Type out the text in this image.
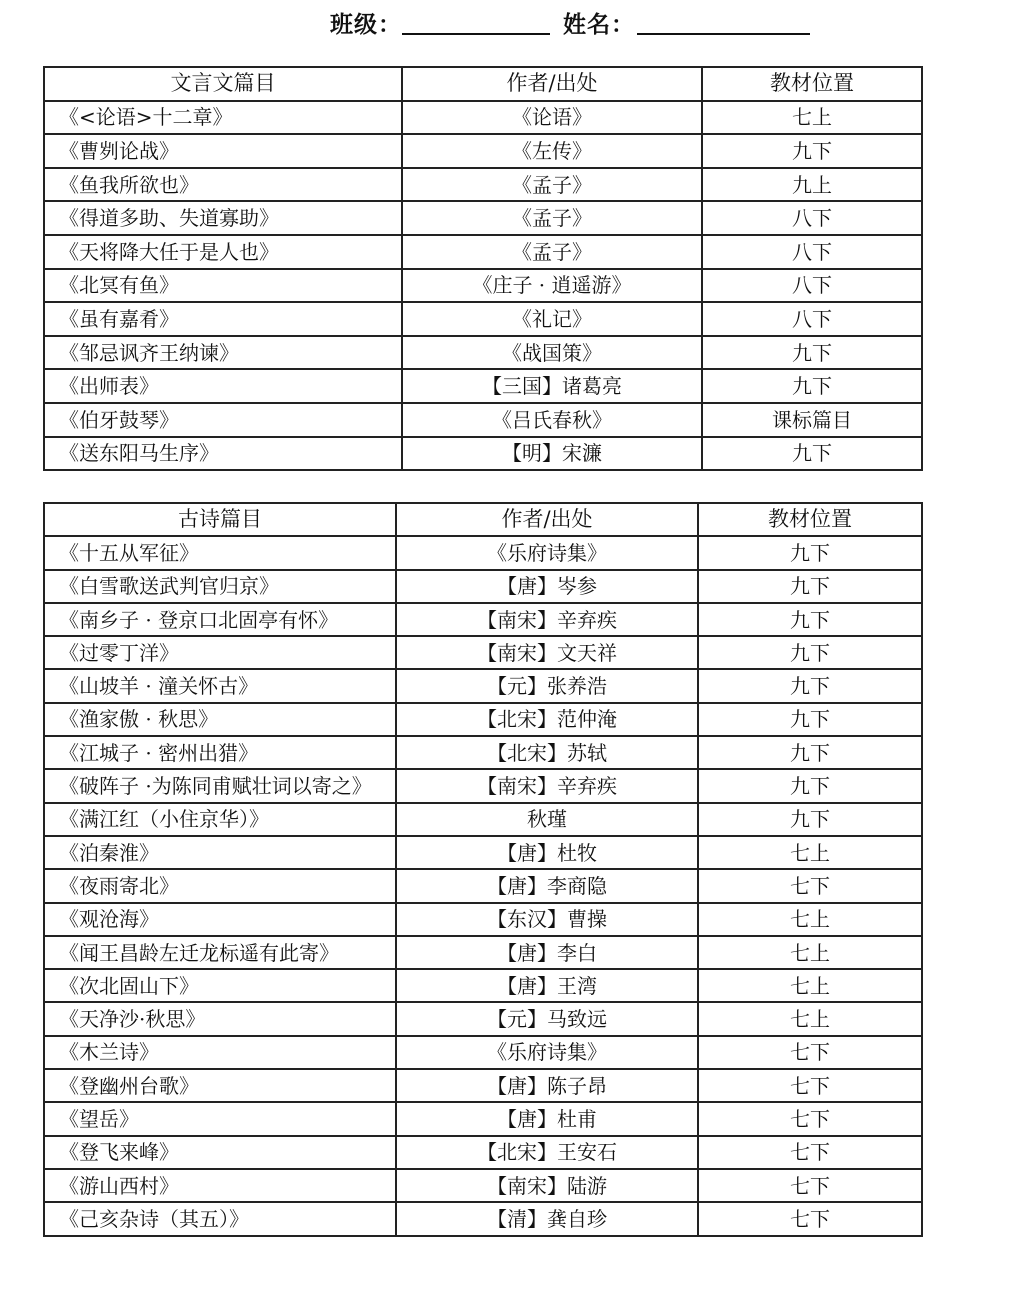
班级：	姓名：
文言文篇目	作者/出处	教材位置
《<论语>十二章》	《论语》	七上
《曹刿论战》	《左传》	九下
《鱼我所欲也》	《孟子》	九上
《得道多助、失道寡助》	《孟子》	八下
《天将降大任于是人也》	《孟子》	八下
《北冥有鱼》	《庄子 · 逍遥游》	八下
《虽有嘉肴》	《礼记》	八下
《邹忌讽齐王纳谏》	《战国策》	九下
《出师表》	【三国】诸葛亮	九下
《伯牙鼓琴》	《吕氏春秋》	课标篇目
《送东阳马生序》	【明】宋濂	九下
古诗篇目	作者/出处	教材位置
《十五从军征》	《乐府诗集》	九下
《白雪歌送武判官归京》	【唐】岑参	九下
《南乡子 · 登京口北固亭有怀》	【南宋】辛弃疾	九下
《过零丁洋》	【南宋】文天祥	九下
《山坡羊 · 潼关怀古》	【元】张养浩	九下
《渔家傲 · 秋思》	【北宋】范仲淹	九下
《江城子 · 密州出猎》	【北宋】苏轼	九下
《破阵子 ·为陈同甫赋壮词以寄之》	【南宋】辛弃疾	九下
《满江红（小住京华）》	秋瑾	九下
《泊秦淮》	【唐】杜牧	七上
《夜雨寄北》	【唐】李商隐	七下
《观沧海》	【东汉】曹操	七上
《闻王昌龄左迁龙标遥有此寄》	【唐】李白	七上
《次北固山下》	【唐】王湾	七上
《天净沙·秋思》	【元】马致远	七上
《木兰诗》	《乐府诗集》	七下
《登幽州台歌》	【唐】陈子昂	七下
《望岳》	【唐】杜甫	七下
《登飞来峰》	【北宋】王安石	七下
《游山西村》	【南宋】陆游	七下
《己亥杂诗（其五）》	【清】龚自珍	七下
